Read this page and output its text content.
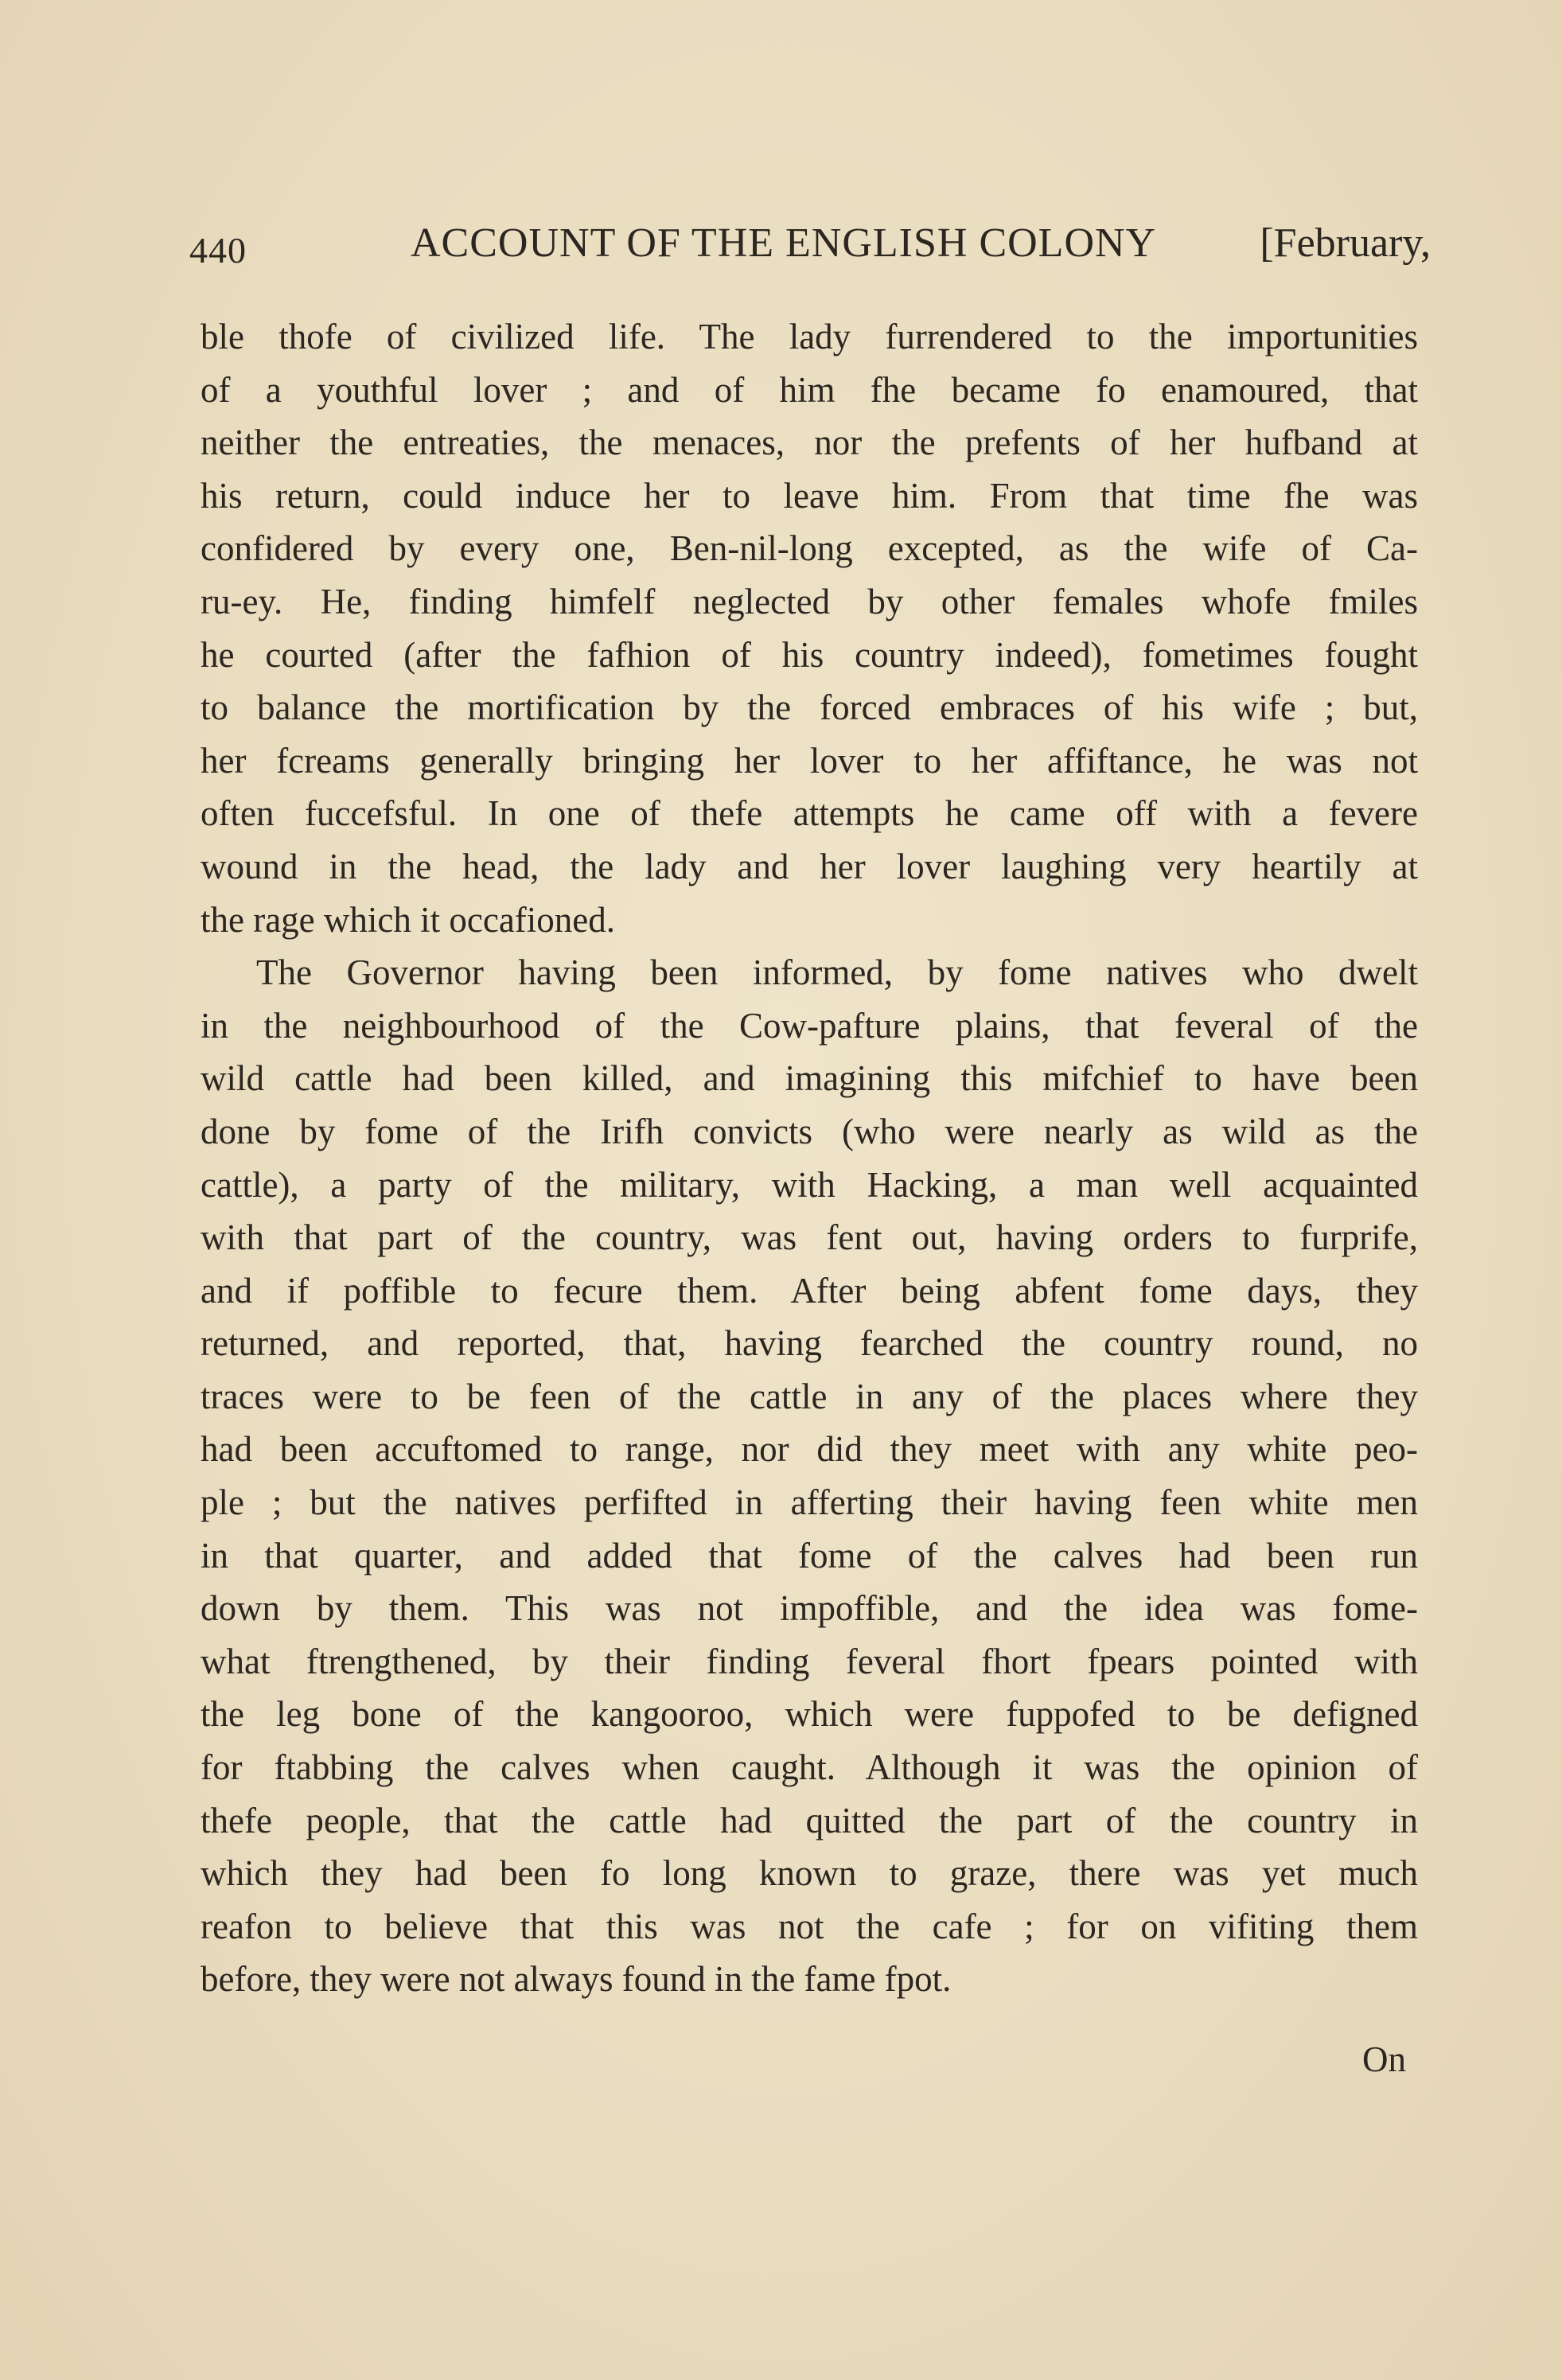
440	ACCOUNT OF THE ENGLISH COLONY	[February,
ble thofe of civilized life. The lady furrendered to the importunities
of a youthful lover ; and of him fhe became fo enamoured, that
neither the entreaties, the menaces, nor the prefents of her hufband at
his return, could induce her to leave him. From that time fhe was
confidered by every one, Ben-nil-long excepted, as the wife of Ca-
ru-ey. He, finding himfelf neglected by other females whofe fmiles
he courted (after the fafhion of his country indeed), fometimes fought
to balance the mortification by the forced embraces of his wife ; but,
her fcreams generally bringing her lover to her affiftance, he was not
often fuccefsful. In one of thefe attempts he came off with a fevere
wound in the head, the lady and her lover laughing very heartily at
the rage which it occafioned.
The Governor having been informed, by fome natives who dwelt
in the neighbourhood of the Cow-pafture plains, that feveral of the
wild cattle had been killed, and imagining this mifchief to have been
done by fome of the Irifh convicts (who were nearly as wild as the
cattle), a party of the military, with Hacking, a man well acquainted
with that part of the country, was fent out, having orders to furprife,
and if poffible to fecure them. After being abfent fome days, they
returned, and reported, that, having fearched the country round, no
traces were to be feen of the cattle in any of the places where they
had been accuftomed to range, nor did they meet with any white peo-
ple ; but the natives perfifted in afferting their having feen white men
in that quarter, and added that fome of the calves had been run
down by them. This was not impoffible, and the idea was fome-
what ftrengthened, by their finding feveral fhort fpears pointed with
the leg bone of the kangooroo, which were fuppofed to be defigned
for ftabbing the calves when caught. Although it was the opinion of
thefe people, that the cattle had quitted the part of the country in
which they had been fo long known to graze, there was yet much
reafon to believe that this was not the cafe ; for on vifiting them
before, they were not always found in the fame fpot.
On
